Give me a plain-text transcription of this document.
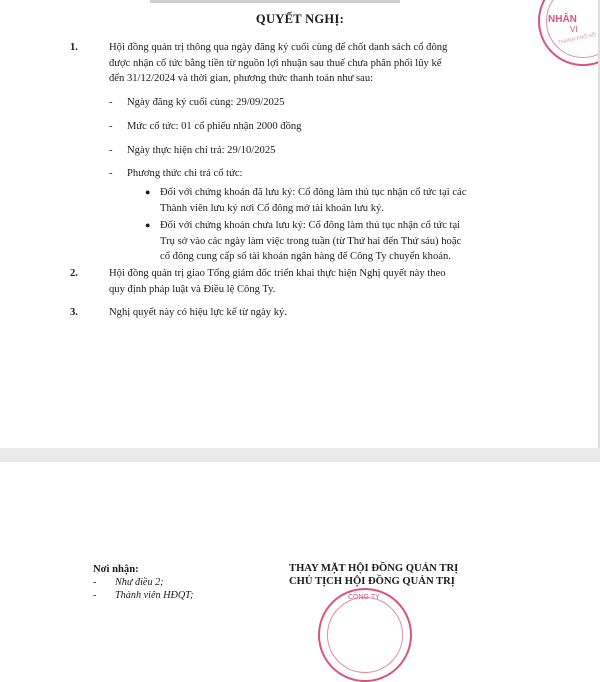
QUYẾT NGHỊ:
1.	Hội đồng quản trị thông qua ngày đăng ký cuối cùng để chốt danh sách cổ đông
được nhận cổ tức bằng tiền từ nguồn lợi nhuận sau thuế chưa phân phối lũy kế
đến 31/12/2024 và thời gian, phương thức thanh toán như sau:
- Ngày đăng ký cuối cùng: 29/09/2025
- Mức cổ tức: 01 cổ phiếu nhận 2000 đồng
- Ngày thực hiện chi trả: 29/10/2025
- Phương thức chi trả cổ tức:
● Đối với chứng khoán đã lưu ký: Cổ đông làm thủ tục nhận cổ tức tại các
Thành viên lưu ký nơi Cổ đông mở tài khoản lưu ký.
● Đối với chứng khoán chưa lưu ký: Cổ đông làm thủ tục nhận cổ tức tại
Trụ sở vào các ngày làm việc trong tuần (từ Thứ hai đến Thứ sáu) hoặc
cổ đông cung cấp số tài khoản ngân hàng để Công Ty chuyển khoản.
2.	Hội đồng quản trị giao Tổng giám đốc triển khai thực hiện Nghị quyết này theo
quy định pháp luật và Điều lệ Công Ty.
3.	Nghị quyết này có hiệu lực kể từ ngày ký.
NHÂN
VI
THÀNH PHỐ HỒ
Nơi nhận:
- Như điều 2;
- Thành viên HĐQT;
THAY MẶT HỘI ĐỒNG QUẢN TRỊ
CHỦ TỊCH HỘI ĐỒNG QUẢN TRỊ
CÔNG TY
